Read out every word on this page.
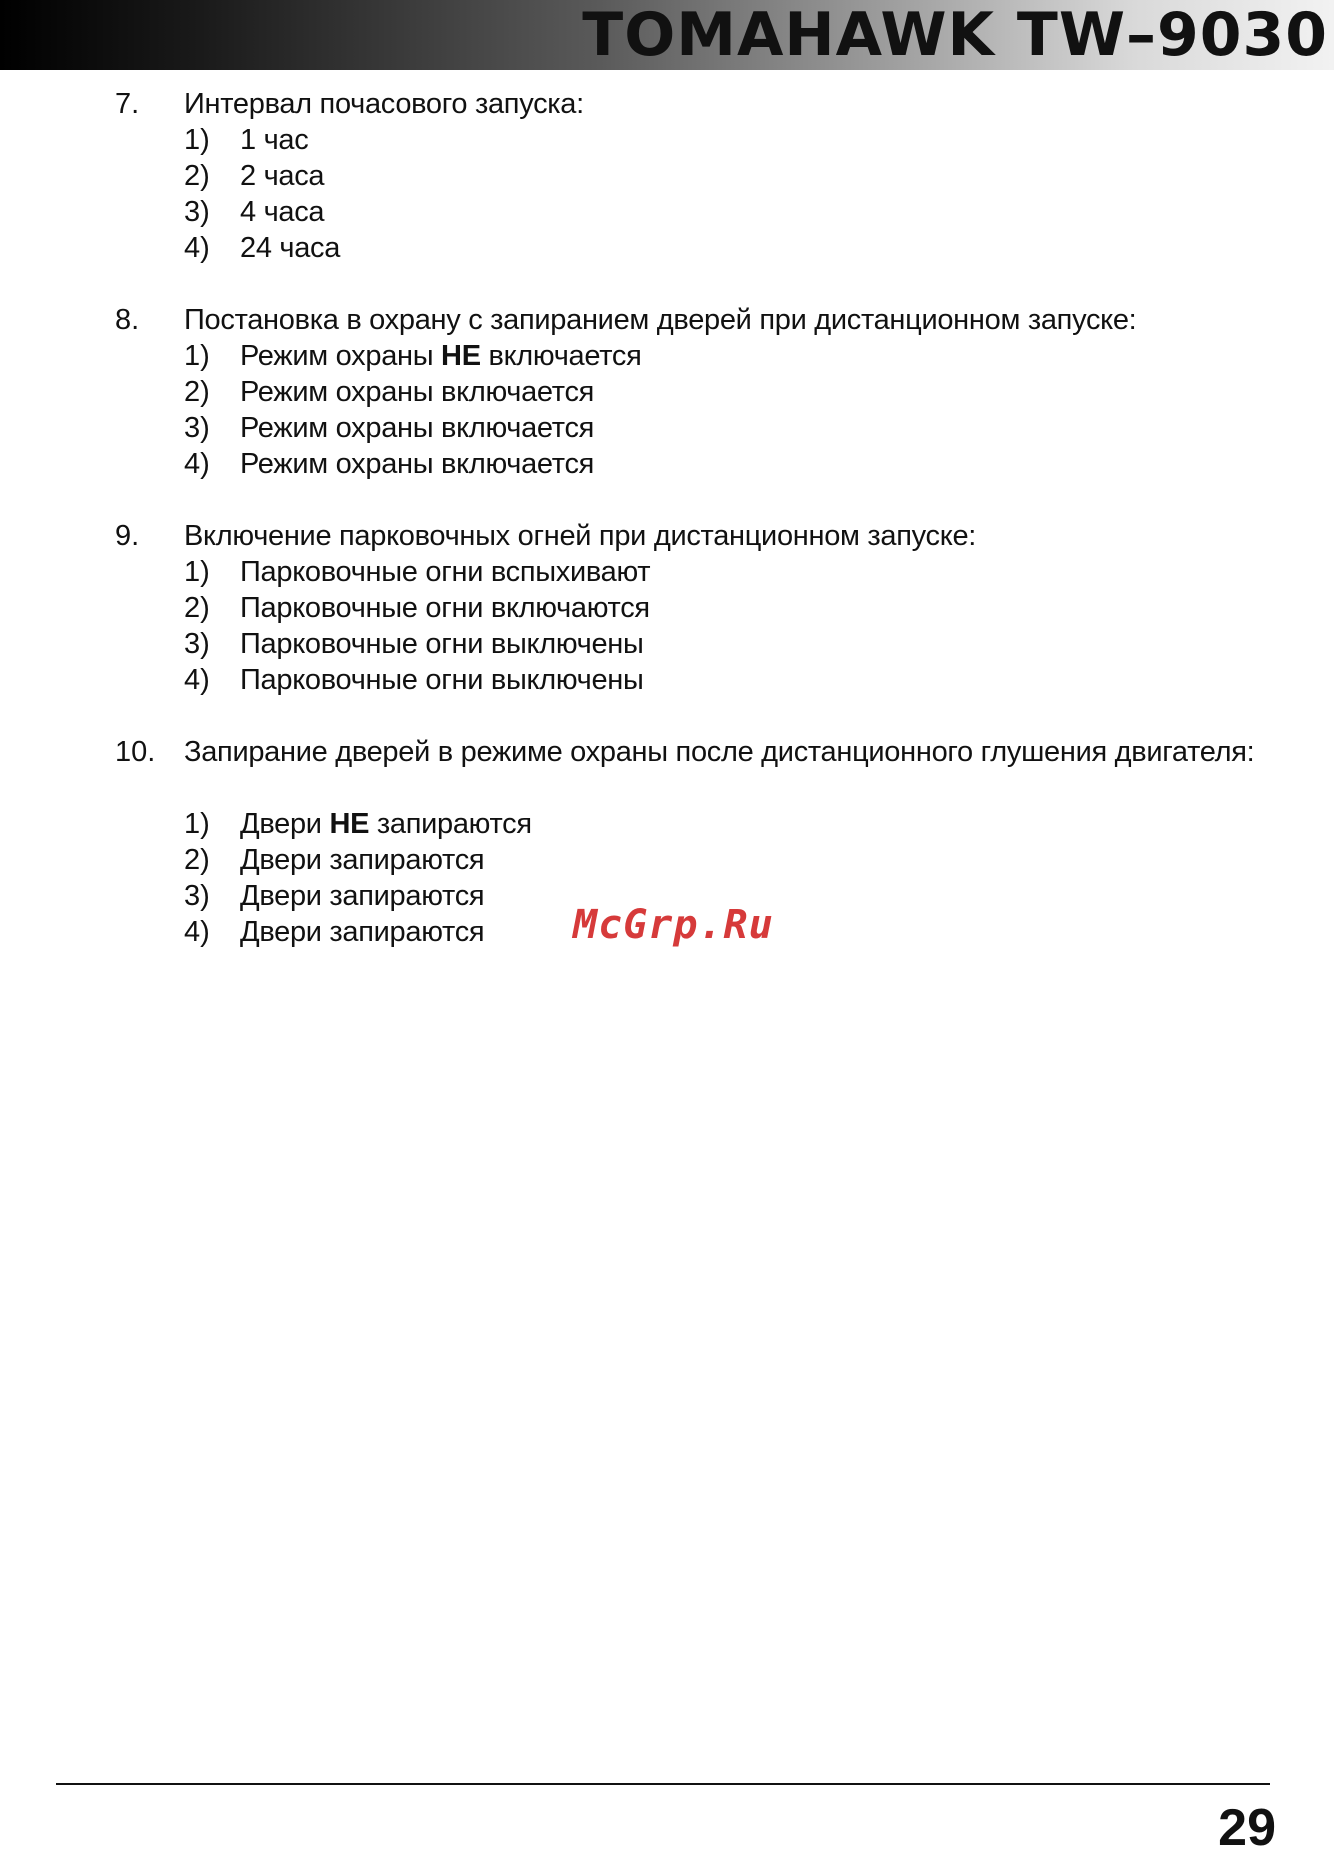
TOMAHAWK TW–9030
7. Интервал почасового запуска:
1) 1 час
2) 2 часа
3) 4 часа
4) 24 часа
8. Постановка в охрану с запиранием дверей при дистанционном запуске:
1) Режим охраны НЕ включается
2) Режим охраны включается
3) Режим охраны включается
4) Режим охраны включается
9. Включение парковочных огней при дистанционном запуске:
1) Парковочные огни вспыхивают
2) Парковочные огни включаются
3) Парковочные огни выключены
4) Парковочные огни выключены
10. Запирание дверей в режиме охраны после дистанционного глушения двигателя:
1) Двери НЕ запираются
2) Двери запираются
3) Двери запираются
4) Двери запираются McGrp.Ru
29
